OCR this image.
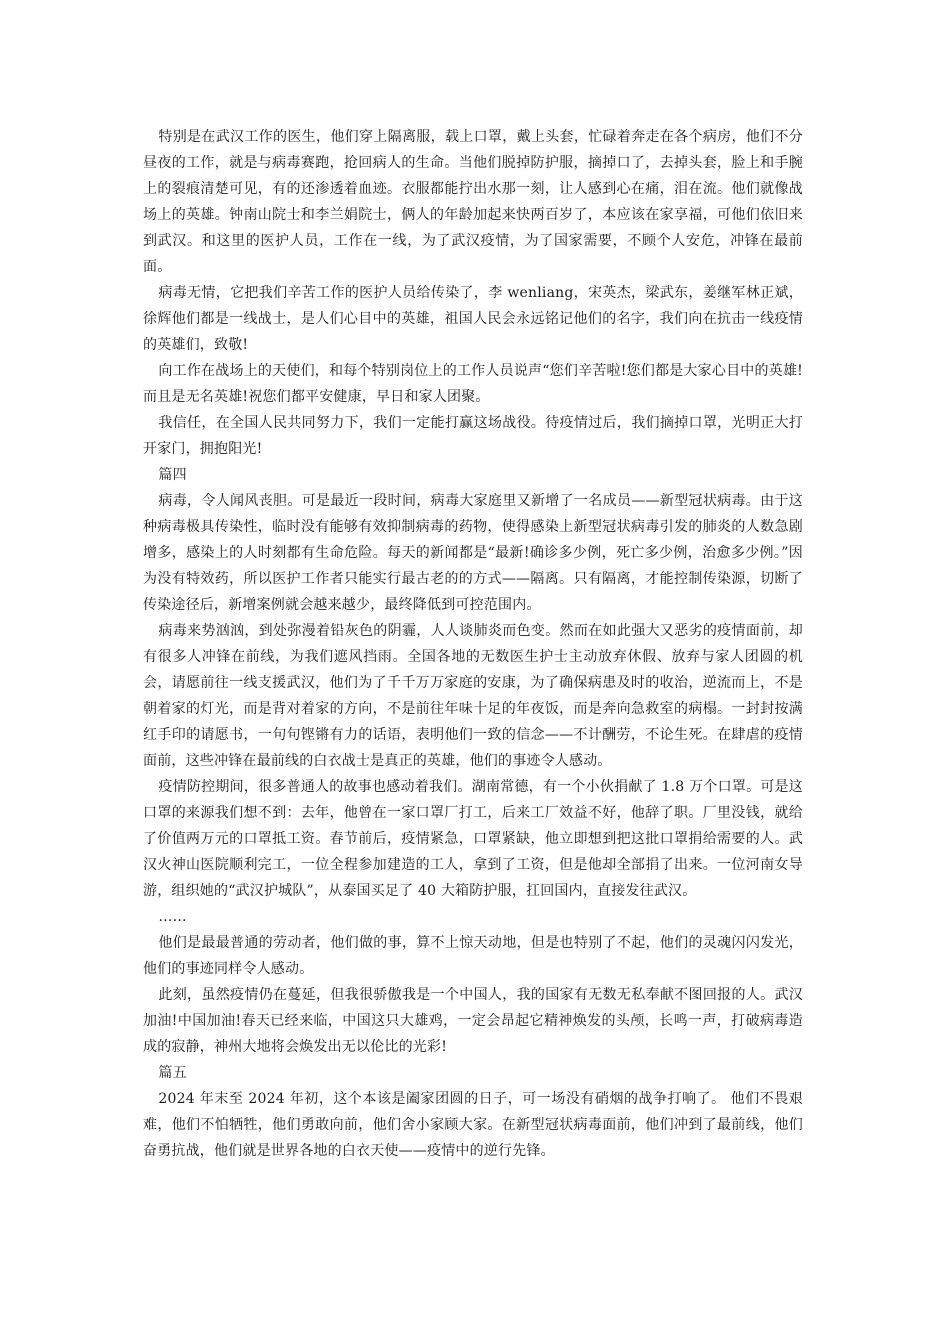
特别是在武汉工作的医生，他们穿上隔离服，载上口罩，戴上头套，忙碌着奔走在各个病房，他们不分昼夜的工作，就是与病毒赛跑，抢回病人的生命。当他们脱掉防护服，摘掉口了，去掉头套，脸上和手腕上的裂痕清楚可见，有的还渗透着血迹。衣服都能拧出水那一刻，让人感到心在痛，泪在流。他们就像战场上的英雄。钟南山院士和李兰娟院士，俩人的年龄加起来快两百岁了，本应该在家享福，可他们依旧来到武汉。和这里的医护人员，工作在一线，为了武汉疫情，为了国家需要，不顾个人安危，冲锋在最前面。

病毒无情，它把我们辛苦工作的医护人员给传染了，李 wenliang，宋英杰，梁武东，姜继军林正斌，徐辉他们都是一线战士，是人们心目中的英雄，祖国人民会永远铭记他们的名字，我们向在抗击一线疫情的英雄们，致敬!

向工作在战场上的天使们，和每个特别岗位上的工作人员说声“您们辛苦啦!您们都是大家心目中的英雄!而且是无名英雄!祝您们都平安健康，早日和家人团聚。

我信任，在全国人民共同努力下，我们一定能打赢这场战役。待疫情过后，我们摘掉口罩，光明正大打开家门，拥抱阳光!

篇四

病毒，令人闻风丧胆。可是最近一段时间，病毒大家庭里又新增了一名成员——新型冠状病毒。由于这种病毒极具传染性，临时没有能够有效抑制病毒的药物，使得感染上新型冠状病毒引发的肺炎的人数急剧增多，感染上的人时刻都有生命危险。每天的新闻都是“最新!确诊多少例，死亡多少例，治愈多少例。”因为没有特效药，所以医护工作者只能实行最古老的的方式——隔离。只有隔离，才能控制传染源，切断了传染途径后，新增案例就会越来越少，最终降低到可控范围内。

病毒来势汹汹，到处弥漫着铅灰色的阴霾，人人谈肺炎而色变。然而在如此强大又恶劣的疫情面前，却有很多人冲锋在前线，为我们遮风挡雨。全国各地的无数医生护士主动放弃休假、放弃与家人团圆的机会，请愿前往一线支援武汉，他们为了千千万万家庭的安康，为了确保病患及时的收治，逆流而上，不是朝着家的灯光，而是背对着家的方向，不是前往年味十足的年夜饭，而是奔向急救室的病榻。一封封按满红手印的请愿书，一句句铿锵有力的话语，表明他们一致的信念——不计酬劳，不论生死。在肆虐的疫情面前，这些冲锋在最前线的白衣战士是真正的英雄，他们的事迹令人感动。

疫情防控期间，很多普通人的故事也感动着我们。湖南常德，有一个小伙捐献了 1.8 万个口罩。可是这口罩的来源我们想不到：去年，他曾在一家口罩厂打工，后来工厂效益不好，他辞了职。厂里没钱，就给了价值两万元的口罩抵工资。春节前后，疫情紧急，口罩紧缺，他立即想到把这批口罩捐给需要的人。武汉火神山医院顺利完工，一位全程参加建造的工人，拿到了工资，但是他却全部捐了出来。一位河南女导游，组织她的“武汉护城队”，从泰国买足了 40 大箱防护服，扛回国内，直接发往武汉。

……

他们是最最普通的劳动者，他们做的事，算不上惊天动地，但是也特别了不起，他们的灵魂闪闪发光，他们的事迹同样令人感动。

此刻，虽然疫情仍在蔓延，但我很骄傲我是一个中国人，我的国家有无数无私奉献不图回报的人。武汉加油!中国加油!春天已经来临，中国这只大雄鸡，一定会昂起它精神焕发的头颅，长鸣一声，打破病毒造成的寂静，神州大地将会焕发出无以伦比的光彩!

篇五

2024 年末至 2024 年初，这个本该是阖家团圆的日子，可一场没有硝烟的战争打响了。 他们不畏艰难，他们不怕牺牲，他们勇敢向前，他们舍小家顾大家。在新型冠状病毒面前，他们冲到了最前线，他们奋勇抗战，他们就是世界各地的白衣天使——疫情中的逆行先锋。
